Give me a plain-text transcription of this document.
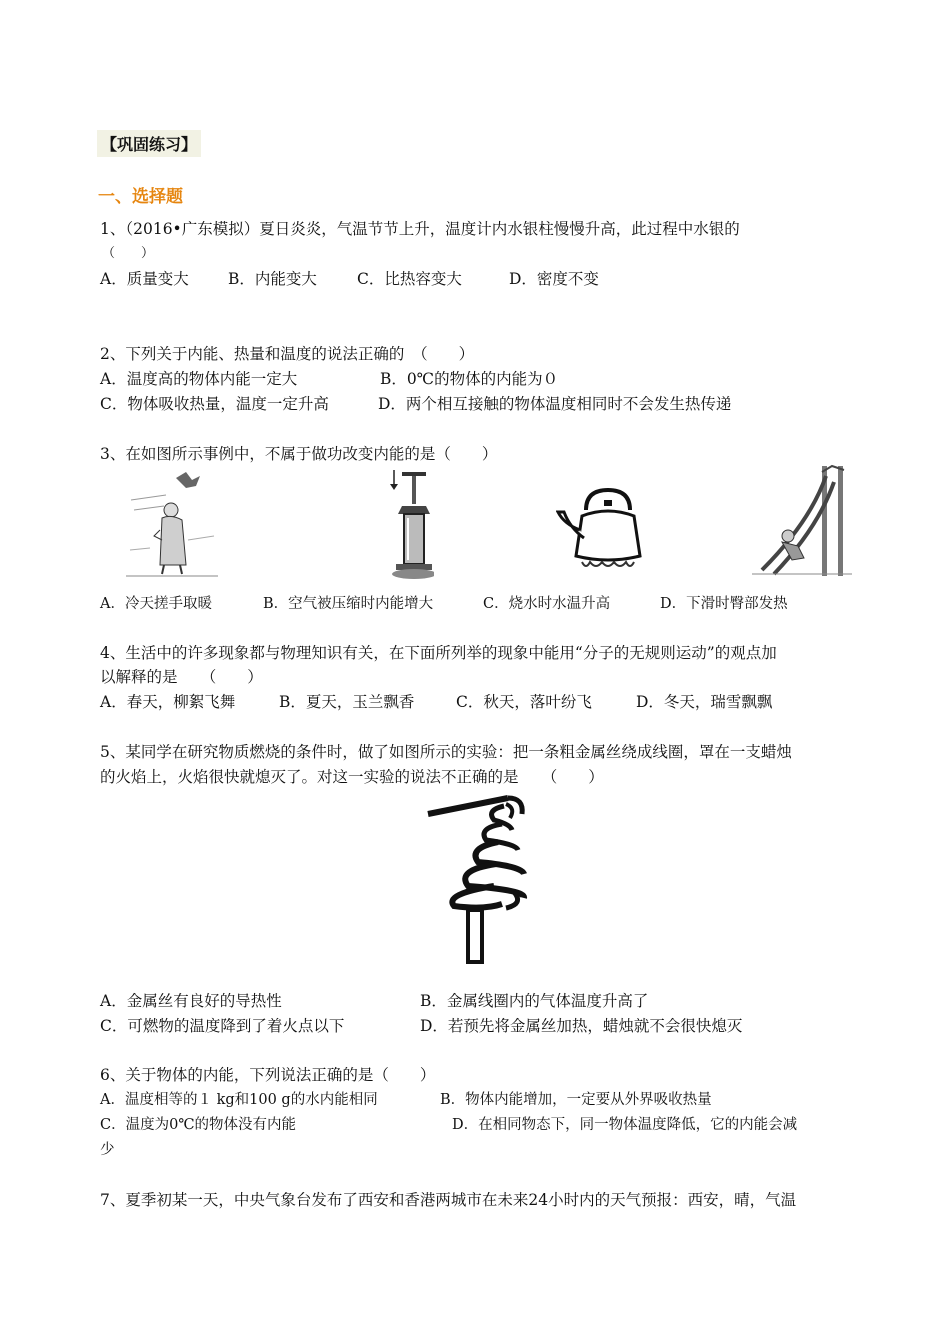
【巩固练习】
一、选择题
1、（2016•广东模拟）夏日炎炎，气温节节上升，温度计内水银柱慢慢升高，此过程中水银的
（　　）
A．质量变大	B．内能变大	C．比热容变大	D．密度不变
2、下列关于内能、热量和温度的说法正确的　（　　）
A．温度高的物体内能一定大	B．0℃的物体的内能为０
C．物体吸收热量，温度一定升高	D．两个相互接触的物体温度相同时不会发生热传递
3、在如图所示事例中，不属于做功改变内能的是（　　）
A．冷天搓手取暖	B．空气被压缩时内能增大	C．烧水时水温升高	D．下滑时臀部发热
4、生活中的许多现象都与物理知识有关，在下面所列举的现象中能用“分子的无规则运动”的观点加
以解释的是　　（　　）
A．春天，柳絮飞舞	B．夏天，玉兰飘香	C．秋天，落叶纷飞	D．冬天，瑞雪飘飘
5、某同学在研究物质燃烧的条件时，做了如图所示的实验：把一条粗金属丝绕成线圈，罩在一支蜡烛
的火焰上，火焰很快就熄灭了。对这一实验的说法不正确的是　　（　　）
A．金属丝有良好的导热性	B．金属线圈内的气体温度升高了
C．可燃物的温度降到了着火点以下	D．若预先将金属丝加热，蜡烛就不会很快熄灭
6、关于物体的内能，下列说法正确的是（　　）
A．温度相等的１ kg和100 g的水内能相同	B．物体内能增加，一定要从外界吸收热量
C．温度为0℃的物体没有内能	D．在相同物态下，同一物体温度降低，它的内能会减
少
7、夏季初某一天，中央气象台发布了西安和香港两城市在未来24小时内的天气预报：西安，晴，气温
